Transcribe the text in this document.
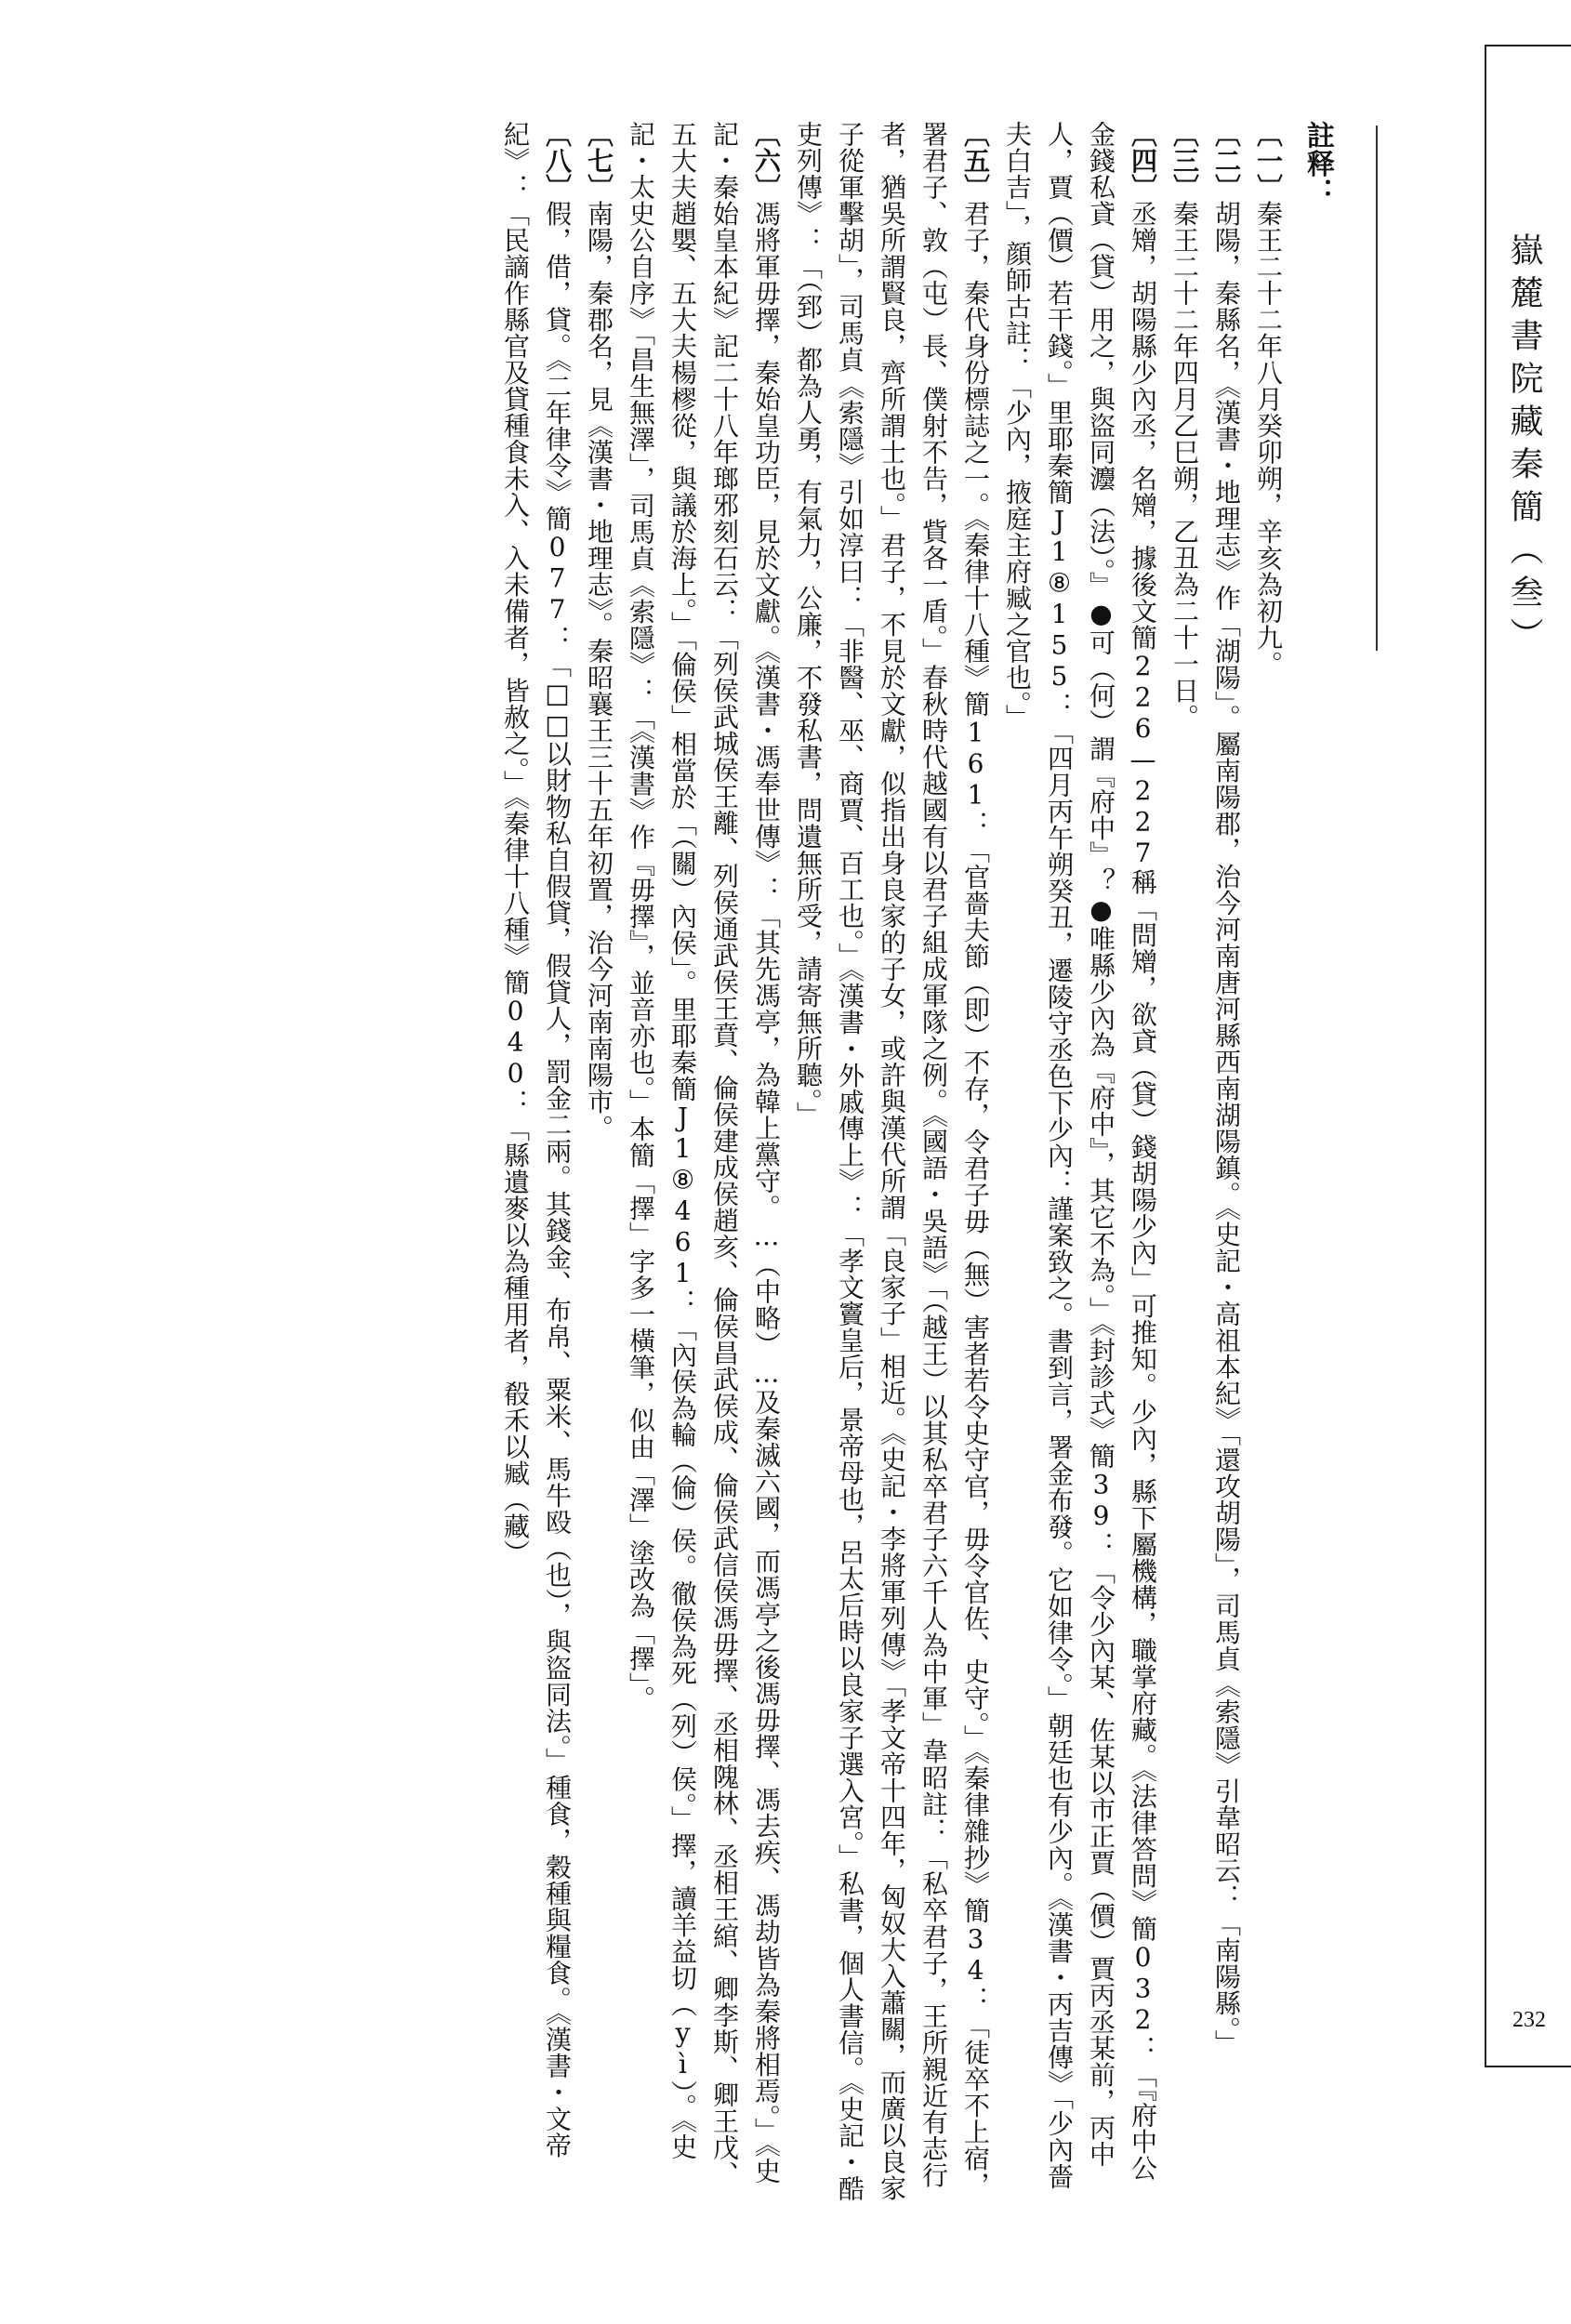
嶽麓書院藏秦簡（叁）
232
註释：
〔一〕秦王二十二年八月癸卯朔，辛亥為初九。
〔二〕胡陽，秦縣名，《漢書・地理志》作「湖陽」。屬南陽郡，治今河南唐河縣西南湖陽鎮。《史記・高祖本紀》「還攻胡陽」，司馬貞《索隱》引韋昭云：「南陽縣。」
〔三〕秦王二十二年四月乙巳朔，乙丑為二十一日。
〔四〕丞矰，胡陽縣少內丞，名矰，據後文簡226—227稱「問矰，欲貣（貸）錢胡陽少內」可推知。少內，縣下屬機構，職掌府藏。《法律答問》簡032：「『府中公金錢私貣（貸）用之，與盜同灋（法）。』●可（何）謂『府中』？●唯縣少內為『府中』，其它不為。」《封診式》簡39：「令少內某、佐某以市正賈（價）賈丙丞某前，丙中人，賈（價）若干錢。」里耶秦簡J1⑧155：「四月丙午朔癸丑，遷陵守丞色下少內：謹案致之。書到言，署金布發。它如律令。」朝廷也有少內。《漢書・丙吉傳》「少內嗇夫白吉」，顔師古註：「少內，掖庭主府臧之官也。」
〔五〕君子，秦代身份標誌之一。《秦律十八種》簡161：「官嗇夫節（即）不存，令君子毋（無）害者若令史守官，毋令官佐、史守。」《秦律雜抄》簡34：「徒卒不上宿，署君子、敦（屯）長、僕射不告，貲各一盾。」春秋時代越國有以君子組成軍隊之例。《國語・吳語》「（越王）以其私卒君子六千人為中軍」韋昭註：「私卒君子，王所親近有志行者，猶吳所謂賢良，齊所謂士也。」君子，不見於文獻，似指出身良家的子女，或許與漢代所謂「良家子」相近。《史記・李將軍列傳》「孝文帝十四年，匈奴大入蕭關，而廣以良家子從軍擊胡」，司馬貞《索隱》引如淳曰：「非醫、巫、商賈、百工也。」《漢書・外戚傳上》：「孝文竇皇后，景帝母也，呂太后時以良家子選入宮。」私書，個人書信。《史記・酷吏列傳》：「（郅）都為人勇，有氣力，公廉，不發私書，問遺無所受，請寄無所聽。」
〔六〕馮將軍毋擇，秦始皇功臣，見於文獻。《漢書・馮奉世傳》：「其先馮亭，為韓上黨守。…（中略）…及秦滅六國，而馮亭之後馮毋擇、馮去疾、馮劫皆為秦將相焉。」《史記・秦始皇本紀》記二十八年瑯邪刻石云：「列侯武城侯王離、列侯通武侯王賁、倫侯建成侯趙亥、倫侯昌武侯成、倫侯武信侯馮毋擇、丞相隗林、丞相王綰、卿李斯、卿王戊、五大夫趙嬰、五大夫楊樛從，與議於海上。」「倫侯」相當於「（關）內侯」。里耶秦簡J1⑧461：「內侯為輪（倫）侯。徹侯為死（列）侯。」擇，讀羊益切（yì）。《史記・太史公自序》「昌生無澤」，司馬貞《索隱》：「《漢書》作『毋擇』，並音亦也。」本簡「擇」字多一橫筆，似由「澤」塗改為「擇」。
〔七〕南陽，秦郡名，見《漢書・地理志》。秦昭襄王三十五年初置，治今河南南陽市。
〔八〕假，借，貸。《二年律令》簡077：「□□以財物私自假貸，假貸人，罰金二兩。其錢金、布帛、粟米、馬牛殴（也），與盜同法。」種食，穀種與糧食。《漢書・文帝紀》：「民謫作縣官及貸種食未入、入未備者，皆赦之。」《秦律十八種》簡040：「縣遺麥以為種用者，殽禾以臧（藏）
